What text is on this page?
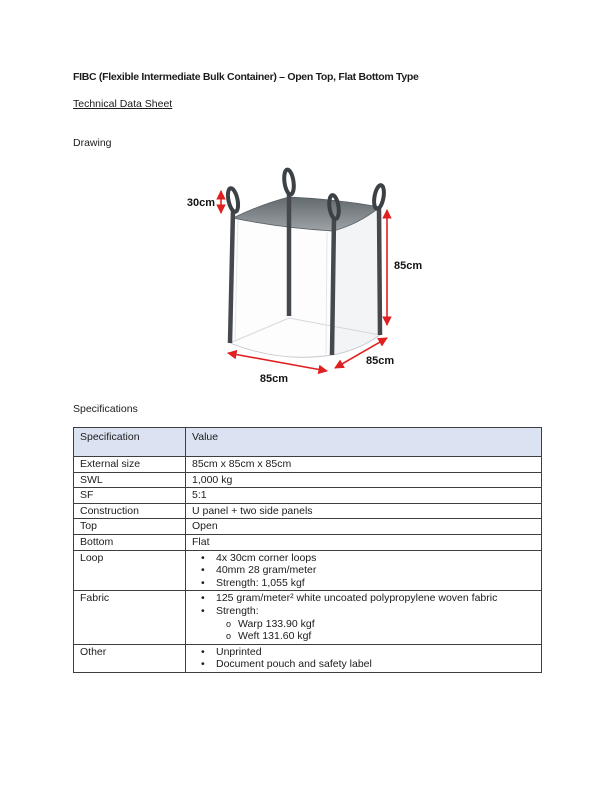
FIBC (Flexible Intermediate Bulk Container) – Open Top, Flat Bottom Type
Technical Data Sheet
Drawing
30cm
85cm
85cm
85cm
Specifications
Specification	Value
External size	85cm x 85cm x 85cm
SWL	1,000 kg
SF	5:1
Construction	U panel + two side panels
Top	Open
Bottom	Flat
Loop	•	4x 30cm corner loops
•	40mm 28 gram/meter
•	Strength: 1,055 kgf

Fabric	•	125 gram/meter² white uncoated polypropylene woven fabric
•	Strength:
o Warp 133.90 kgf
o Weft 131.60 kgf

Other	• Unprinted
• Document pouch and safety label
